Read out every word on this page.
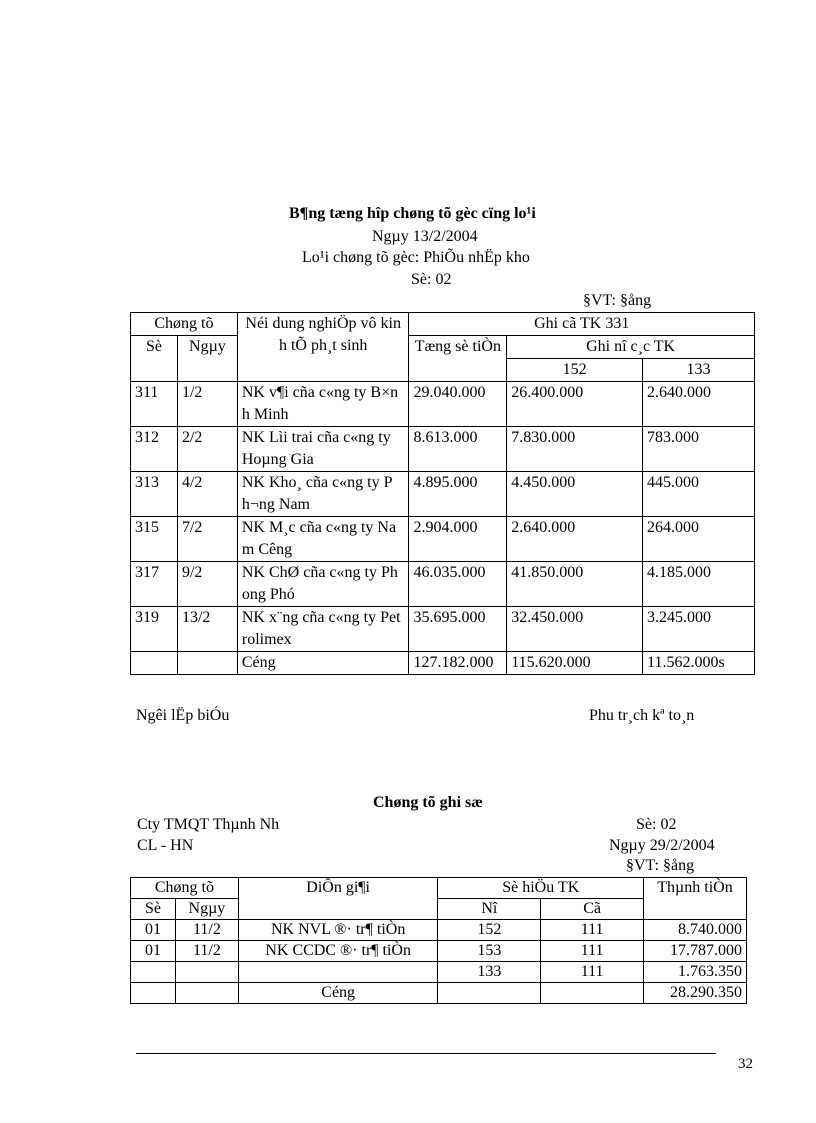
B¶ng tæng hîp chøng tõ gèc cïng lo¹i
Ngµy 13/2/2004
Lo¹i chøng tõ gèc: PhiÕu nhËp kho
Sè: 02
§VT: §ång
Chøng tõ		Néi dung nghiÖp vô kinh tÕ ph¸t sinh	Ghi cã TK 331		
Sè	Ngµy		Tæng sè tiÒn	Ghi nî c¸c TK	
				152	133
311	1/2	NK v¶i cña c«ng ty B×nh Minh	29.040.000	26.400.000	2.640.000
312	2/2	NK Lìi trai cña c«ng ty Hoµng Gia	8.613.000	7.830.000	783.000
313	4/2	NK Kho¸ cña c«ng ty Ph¬ng Nam	4.895.000	4.450.000	445.000
315	7/2	NK M¸c cña c«ng ty Nam Cêng	2.904.000	2.640.000	264.000
317	9/2	NK ChØ cña c«ng ty Phong Phó	46.035.000	41.850.000	4.185.000
319	13/2	NK x¨ng cña c«ng ty Petrolimex	35.695.000	32.450.000	3.245.000
		Céng	127.182.000	115.620.000	11.562.000s
Ngêi lËp biÓu	Phu tr¸ch kª to¸n
Chøng tõ ghi sæ
Cty TMQT Thµnh Nh	Sè: 02
CL - HN	Ngµy 29/2/2004
§VT: §ång
Chøng tõ		DiÔn gi¶i	Sè hiÖu TK		Thµnh tiÒn
Sè	Ngµy		Nî	Cã	
01	11/2	NK NVL ®· tr¶ tiÒn	152	111	8.740.000
01	11/2	NK CCDC ®· tr¶ tiÒn	153	111	17.787.000
			133	111	1.763.350
		Céng			28.290.350
32
